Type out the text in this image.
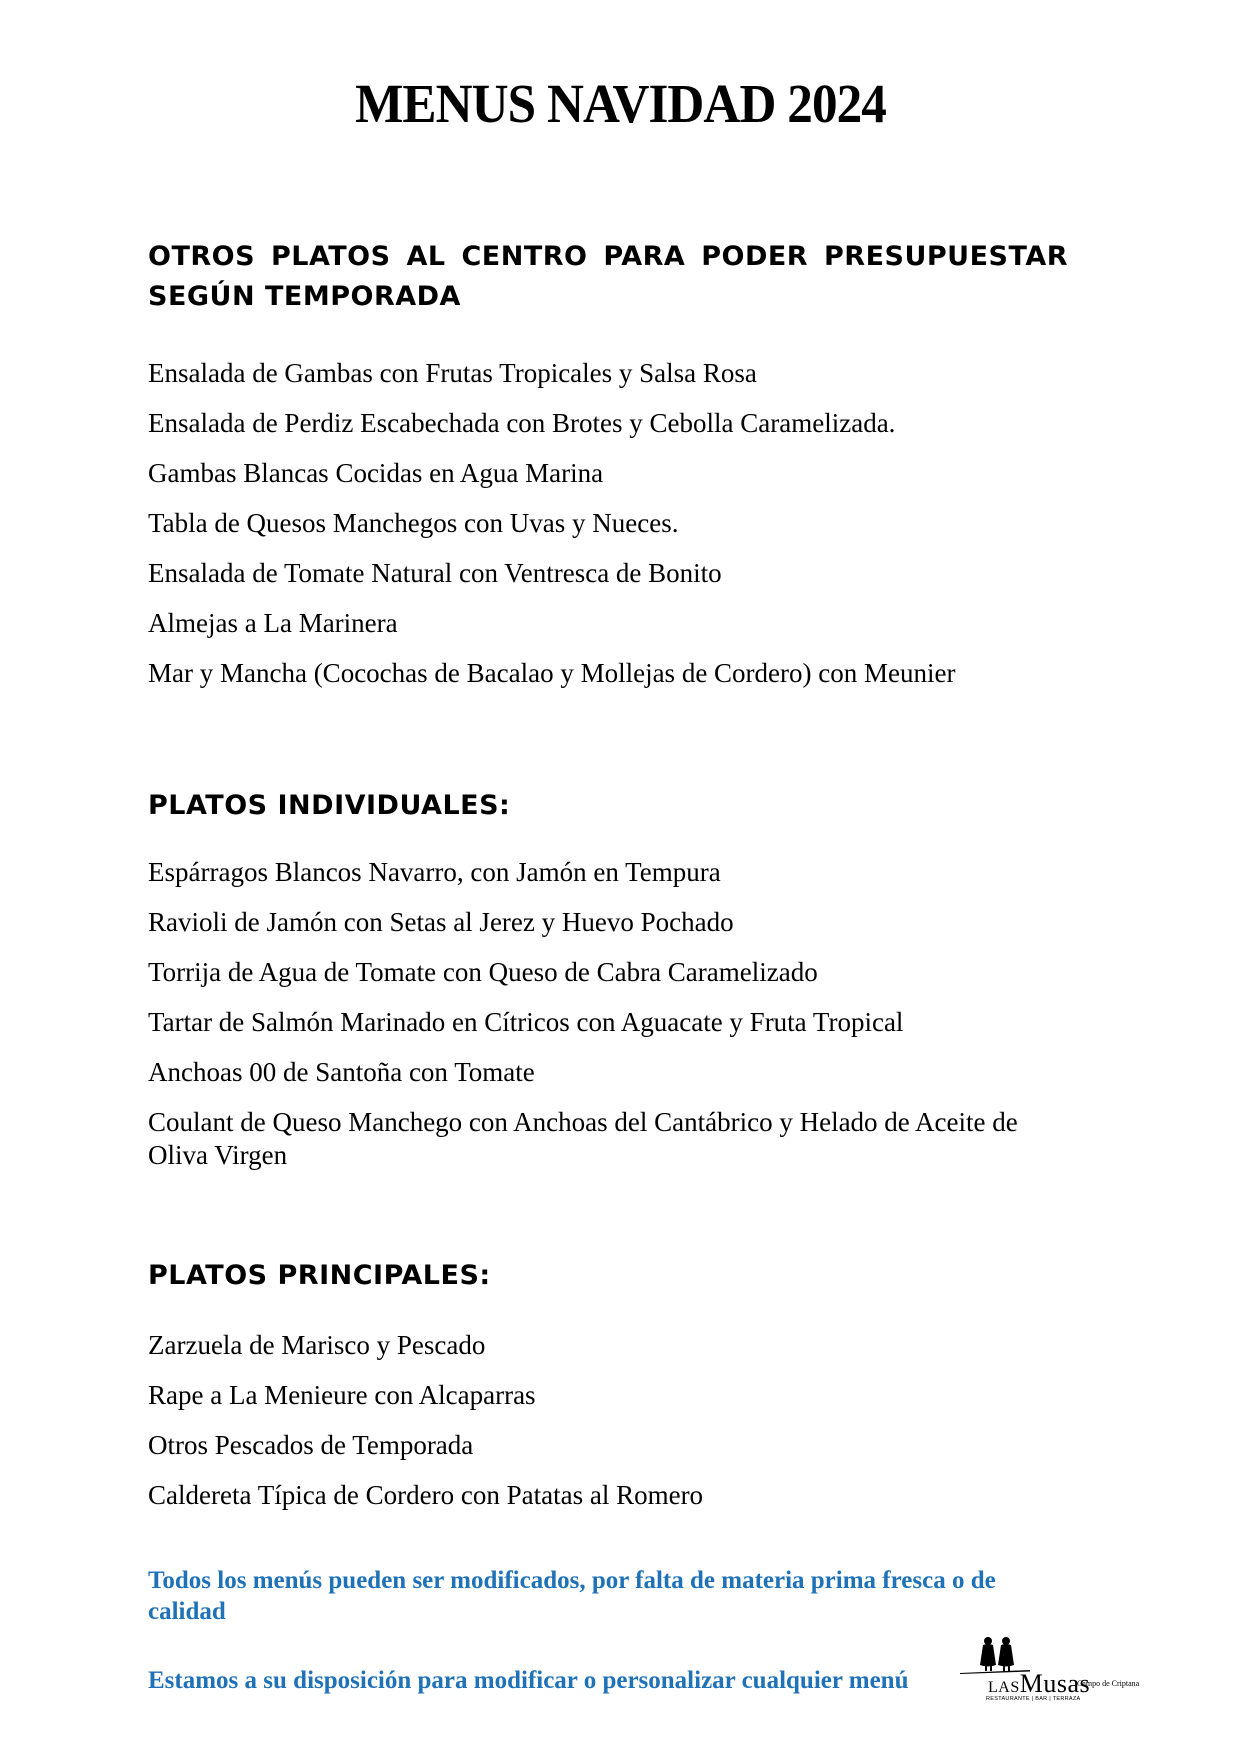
MENUS NAVIDAD 2024
OTROS PLATOS AL CENTRO PARA PODER PRESUPUESTAR
SEGÚN TEMPORADA
Ensalada de Gambas con Frutas Tropicales y Salsa Rosa
Ensalada de Perdiz Escabechada con Brotes y Cebolla Caramelizada.
Gambas Blancas Cocidas en Agua Marina
Tabla de Quesos Manchegos con Uvas y Nueces.
Ensalada de Tomate Natural con Ventresca de Bonito
Almejas a La Marinera
Mar y Mancha (Cocochas de Bacalao y Mollejas de Cordero) con Meunier
PLATOS INDIVIDUALES:
Espárragos Blancos Navarro, con Jamón en Tempura
Ravioli de Jamón con Setas al Jerez y Huevo Pochado
Torrija de Agua de Tomate con Queso de Cabra Caramelizado
Tartar de Salmón Marinado en Cítricos con Aguacate y Fruta Tropical
Anchoas 00 de Santoña con Tomate
Coulant de Queso Manchego con Anchoas del Cantábrico y Helado de Aceite de Oliva Virgen
PLATOS PRINCIPALES:
Zarzuela de Marisco y Pescado
Rape a La Menieure con Alcaparras
Otros Pescados de Temporada
Caldereta Típica de Cordero con Patatas al Romero
Todos los menús pueden ser modificados, por falta de materia prima fresca o de calidad
Estamos a su disposición para modificar o personalizar cualquier menú	LASMusas
Campo de Criptana
RESTAURANTE | BAR | TERRAZA
